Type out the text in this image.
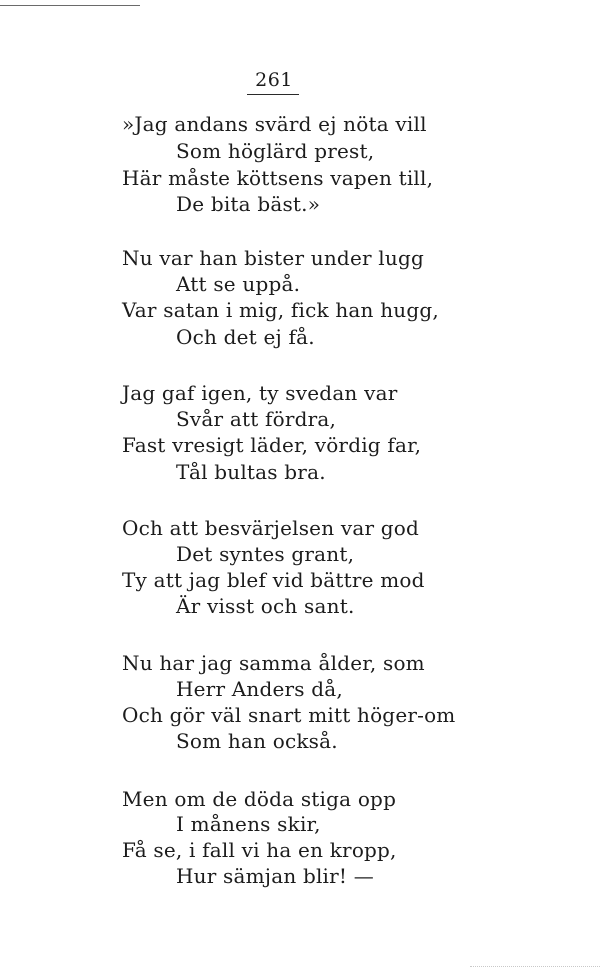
261
»Jag andans svärd ej nöta vill
Som höglärd prest,
Här måste köttsens vapen till,
De bita bäst.»
Nu var han bister under lugg
Att se uppå.
Var satan i mig, fick han hugg,
Och det ej få.
Jag gaf igen, ty svedan var
Svår att fördra,
Fast vresigt läder, vördig far,
Tål bultas bra.
Och att besvärjelsen var god
Det syntes grant,
Ty att jag blef vid bättre mod
Är visst och sant.
Nu har jag samma ålder, som
Herr Anders då,
Och gör väl snart mitt höger-om
Som han också.
Men om de döda stiga opp
I månens skir,
Få se, i fall vi ha en kropp,
Hur sämjan blir! —
